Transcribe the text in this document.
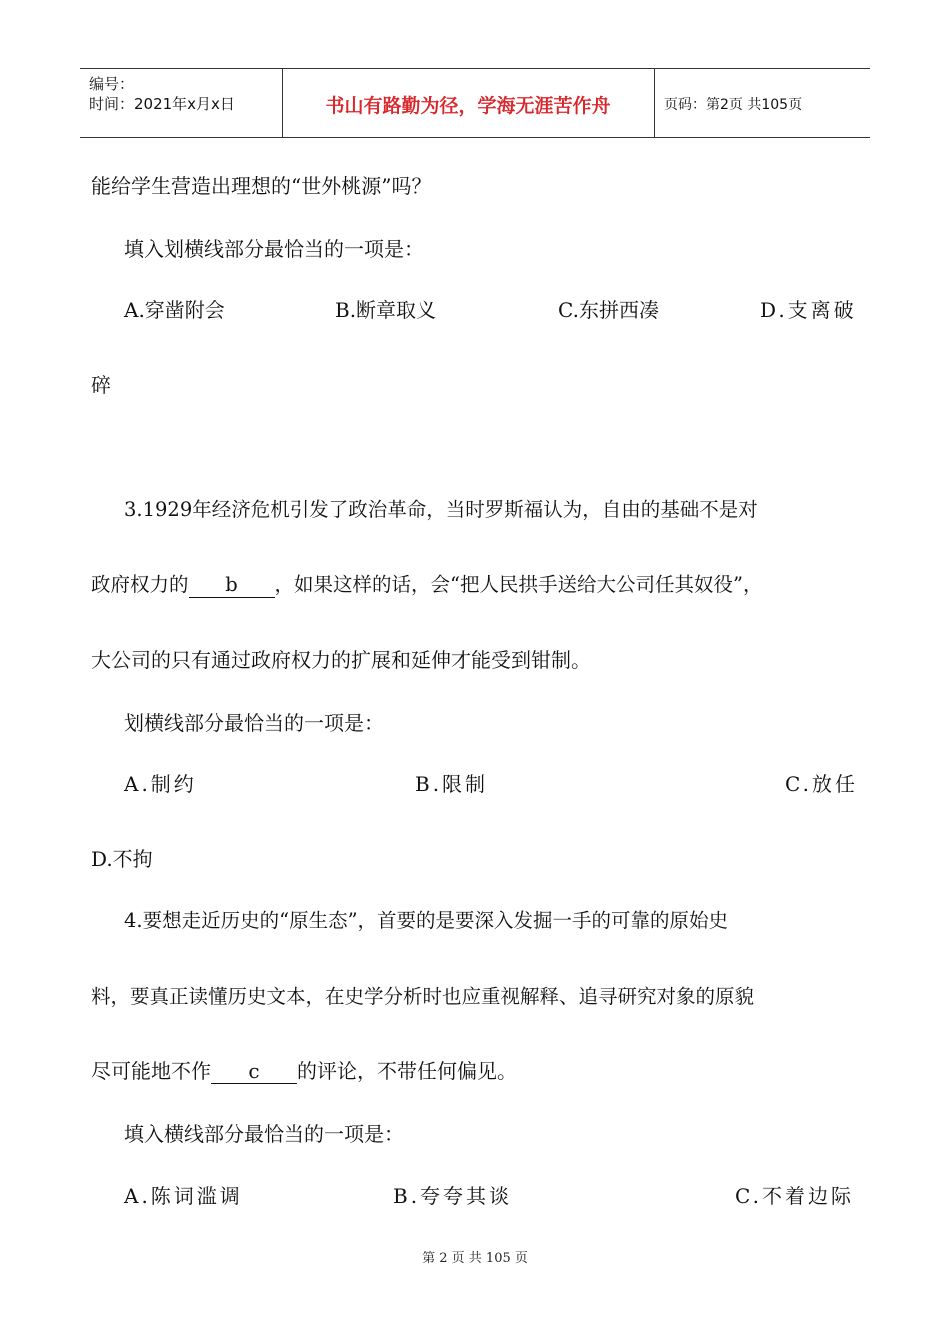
编号：
时间：2021年x月x日	书山有路勤为径，学海无涯苦作舟	页码：第2页 共105页
能给学生营造出理想的“世外桃源”吗？
填入划横线部分最恰当的一项是：
A.穿凿附会	B.断章取义	C.东拼西凑	D.支离破
碎
3.1929年经济危机引发了政治革命，当时罗斯福认为，自由的基础不是对
政府权力的 b ，如果这样的话，会“把人民拱手送给大公司任其奴役”，
大公司的只有通过政府权力的扩展和延伸才能受到钳制。
划横线部分最恰当的一项是：
A.制约	B.限制	C.放任
D.不拘
4.要想走近历史的“原生态”，首要的是要深入发掘一手的可靠的原始史
料，要真正读懂历史文本，在史学分析时也应重视解释、追寻研究对象的原貌
尽可能地不作 c 的评论，不带任何偏见。
填入横线部分最恰当的一项是：
A.陈词滥调	B.夸夸其谈	C.不着边际
第 2 页 共 105 页
